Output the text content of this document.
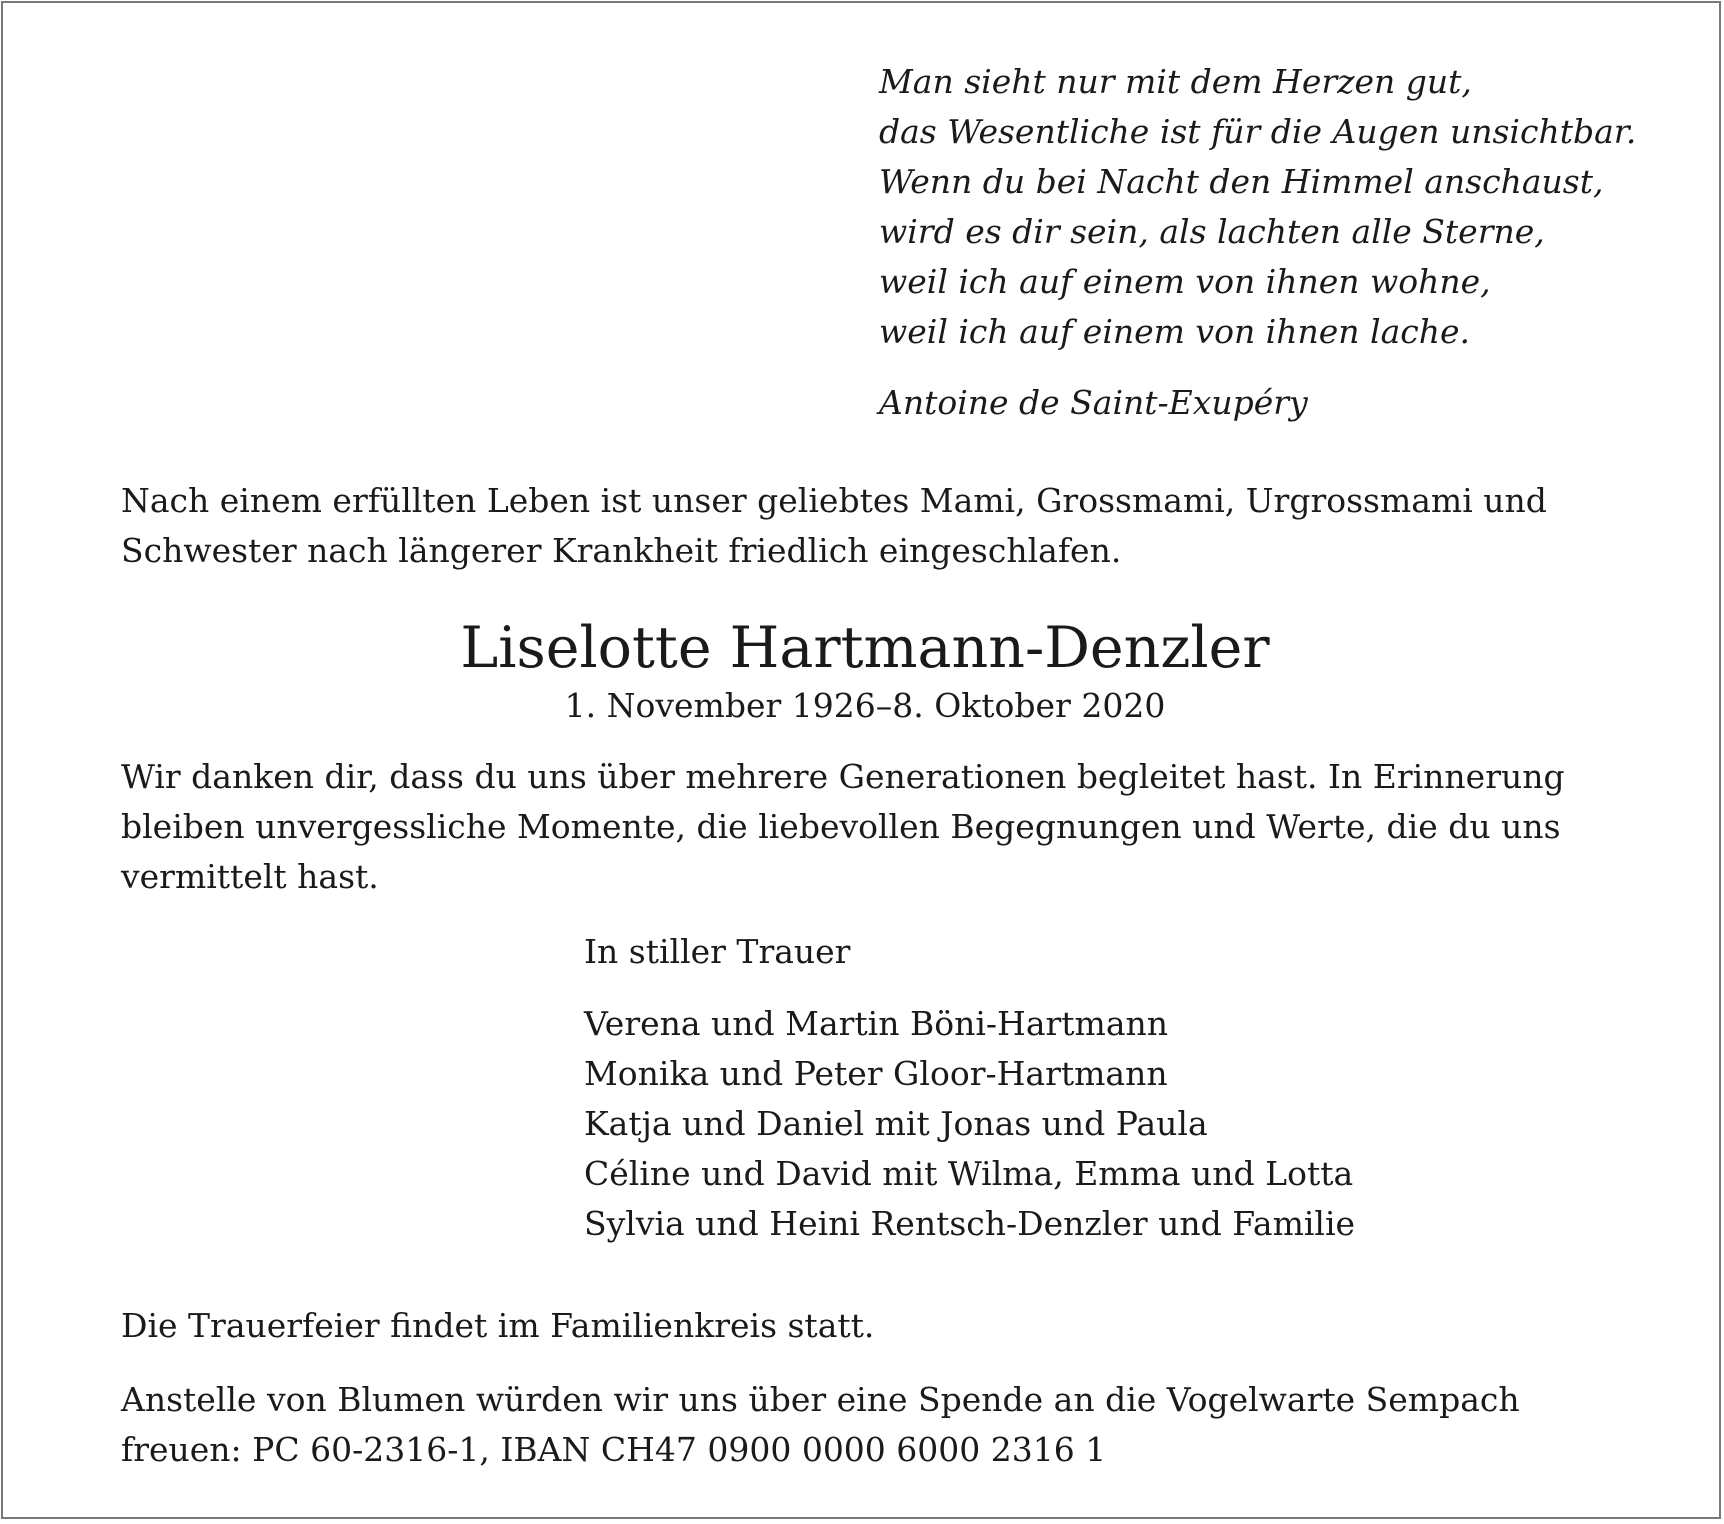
Man sieht nur mit dem Herzen gut,
das Wesentliche ist für die Augen unsichtbar.
Wenn du bei Nacht den Himmel anschaust,
wird es dir sein, als lachten alle Sterne,
weil ich auf einem von ihnen wohne,
weil ich auf einem von ihnen lache.
Antoine de Saint-Exupéry
Nach einem erfüllten Leben ist unser geliebtes Mami, Grossmami, Urgrossmami und
Schwester nach längerer Krankheit friedlich eingeschlafen.
Liselotte Hartmann-Denzler
1. November 1926–8. Oktober 2020
Wir danken dir, dass du uns über mehrere Generationen begleitet hast. In Erinnerung
bleiben unvergessliche Momente, die liebevollen Begegnungen und Werte, die du uns
vermittelt hast.
In stiller Trauer
Verena und Martin Böni-Hartmann
Monika und Peter Gloor-Hartmann
Katja und Daniel mit Jonas und Paula
Céline und David mit Wilma, Emma und Lotta
Sylvia und Heini Rentsch-Denzler und Familie
Die Trauerfeier findet im Familienkreis statt.
Anstelle von Blumen würden wir uns über eine Spende an die Vogelwarte Sempach
freuen: PC 60-2316-1, IBAN CH47 0900 0000 6000 2316 1
